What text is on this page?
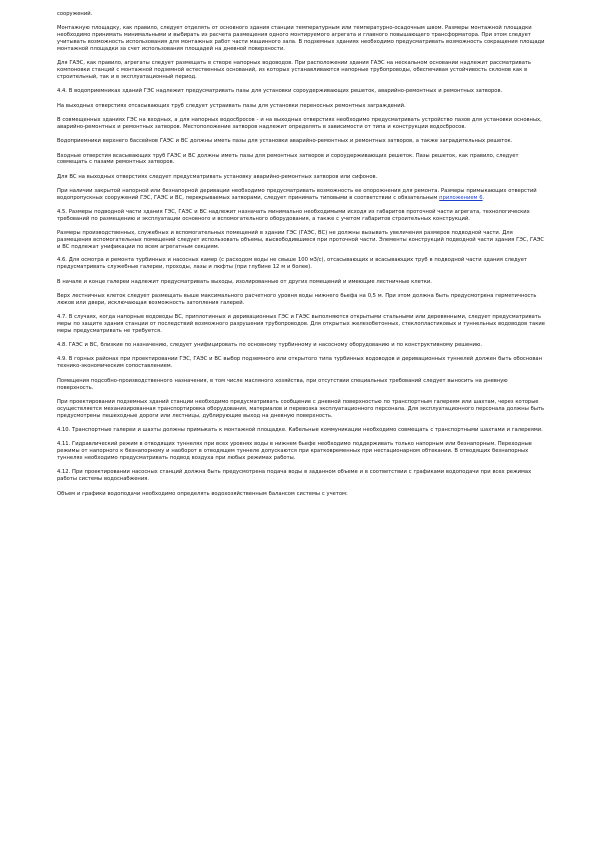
сооружений.

Монтажную площадку, как правило, следует отделять от основного здания станции температурным или температурно-осадочным швом. Размеры монтажной площадки необходимо принимать минимальными и выбирать из расчета размещения одного монтируемого агрегата и главного повышающего трансформатора. При этом следует учитывать возможность использования для монтажных работ части машинного зала. В подземных зданиях необходимо предусматривать возможность сокращения площади монтажной площадки за счет использования площадей на дневной поверхности.

Для ГАЭС, как правило, агрегаты следует размещать в створе напорных водоводов. При расположении здания ГАЭС на нескальном основании надлежит рассматривать компоновки станций с монтажной подземной естественных оснований, из которых устанавливаются напорные трубопроводы, обеспечивая устойчивость склонов как в строительный, так и в эксплуатационный период.

4.4. В водоприемниках зданий ГЭС надлежит предусматривать пазы для установки сороудерживающих решеток, аварийно-ремонтных и ремонтных затворов.

На выходных отверстиях отсасывающих труб следует устраивать пазы для установки переносных ремонтных заграждений.

В совмещенных зданиях ГЭС на входных, а для напорных водосбросов - и на выходных отверстиях необходимо предусматривать устройство пазов для установки основных, аварийно-ремонтных и ремонтных затворов. Местоположение затворов надлежит определять в зависимости от типа и конструкции водосбросов.

Водоприемники верхнего бассейнов ГАЭС и ВС должны иметь пазы для установки аварийно-ремонтных и ремонтных затворов, а также заградительных решеток.

Входные отверстия всасывающих труб ГАЭС и ВС должны иметь пазы для ремонтных затворов и сороудерживающих решеток. Пазы решеток, как правило, следует совмещать с пазами ремонтных затворов.

Для ВС на выходных отверстиях следует предусматривать установку аварийно-ремонтных затворов или сифонов.

При наличии закрытой напорной или безнапорной деривации необходимо предусматривать возможность ее опорожнения для ремонта. Размеры примыкающих отверстий водопропускных сооружений ГЭС, ГАЭС и ВС, перекрываемых затворами, следует принимать типовыми в соответствии с обязательным приложением 6.

4.5. Размеры подводной части здания ГЭС, ГАЭС и ВС надлежит назначать минимально необходимыми исходя из габаритов проточной части агрегата, технологических требований по размещению и эксплуатации основного и вспомогательного оборудования, а также с учетом габаритов строительных конструкций.

Размеры производственных, служебных и вспомогательных помещений в здании ГЭС (ГАЭС, ВС) не должны вызывать увеличения размеров подводной части. Для размещения вспомогательных помещений следует использовать объемы, высвободившиеся при проточной части. Элементы конструкций подводной части здания ГЭС, ГАЭС и ВС подлежат унификации по всем агрегатным секциям.

4.6. Для осмотра и ремонта турбинных и насосных камер (с расходом воды не свыше 100 м3/с), отсасывающих и всасывающих труб в подводной части здания следует предусматривать служебные галереи, проходы, лазы и люфты (при глубине 12 м и более).

В начале и конце галереи надлежит предусматривать выходы, изолированные от других помещений и имеющие лестничные клетки.

Верх лестничных клеток следует размещать выше максимального расчетного уровня воды нижнего бьефа на 0,5 м. При этом должна быть предусмотрена герметичность люков или двери, исключающая возможность затопления галерей.

4.7. В случаях, когда напорные водоводы ВС, приплотинных и деривационных ГЭС и ГАЭС выполняются открытыми стальными или деревянными, следует предусматривать меры по защите здания станции от последствий возможного разрушения трубопроводов. Для открытых железобетонных, стеклопластиковых и туннельных водоводов такие меры предусматривать не требуется.

4.8. ГАЭС и ВС, близкие по назначению, следует унифицировать по основному турбинному и насосному оборудованию и по конструктивному решению.

4.9. В горных районах при проектировании ГЭС, ГАЭС и ВС выбор подземного или открытого типа турбинных водоводов и деривационных туннелей должен быть обоснован технико-экономическим сопоставлением.

Помещения подсобно-производственного назначения, в том числе масляного хозяйства, при отсутствии специальных требований следует выносить на дневную поверхность.

При проектировании подземных зданий станции необходимо предусматривать сообщение с дневной поверхностью по транспортным галереям или шахтам, через которые осуществляется механизированная транспортировка оборудования, материалов и перевозка эксплуатационного персонала. Для эксплуатационного персонала должны быть предусмотрены пешеходные дороги или лестницы, дублирующие выход на дневную поверхность.

4.10. Транспортные галереи и шахты должны примыкать к монтажной площадке. Кабельные коммуникации необходимо совмещать с транспортными шахтами и галереями.

4.11. Гидравлический режим в отводящих туннелях при всех уровнях воды в нижнем бьефе необходимо поддерживать только напорным или безнапорным. Переходные режимы от напорного к безнапорному и наоборот в отводящем туннеле допускаются при кратковременных при нестационарном обтекании. В отводящих безнапорных туннелях необходимо предусматривать подвод воздуха при любых режимах работы.

4.12. При проектировании насосных станций должна быть предусмотрена подача воды в заданном объеме и в соответствии с графиками водоподачи при всех режимах работы системы водоснабжения.

Объем и графики водоподачи необходимо определять водохозяйственным балансом системы с учетом:
